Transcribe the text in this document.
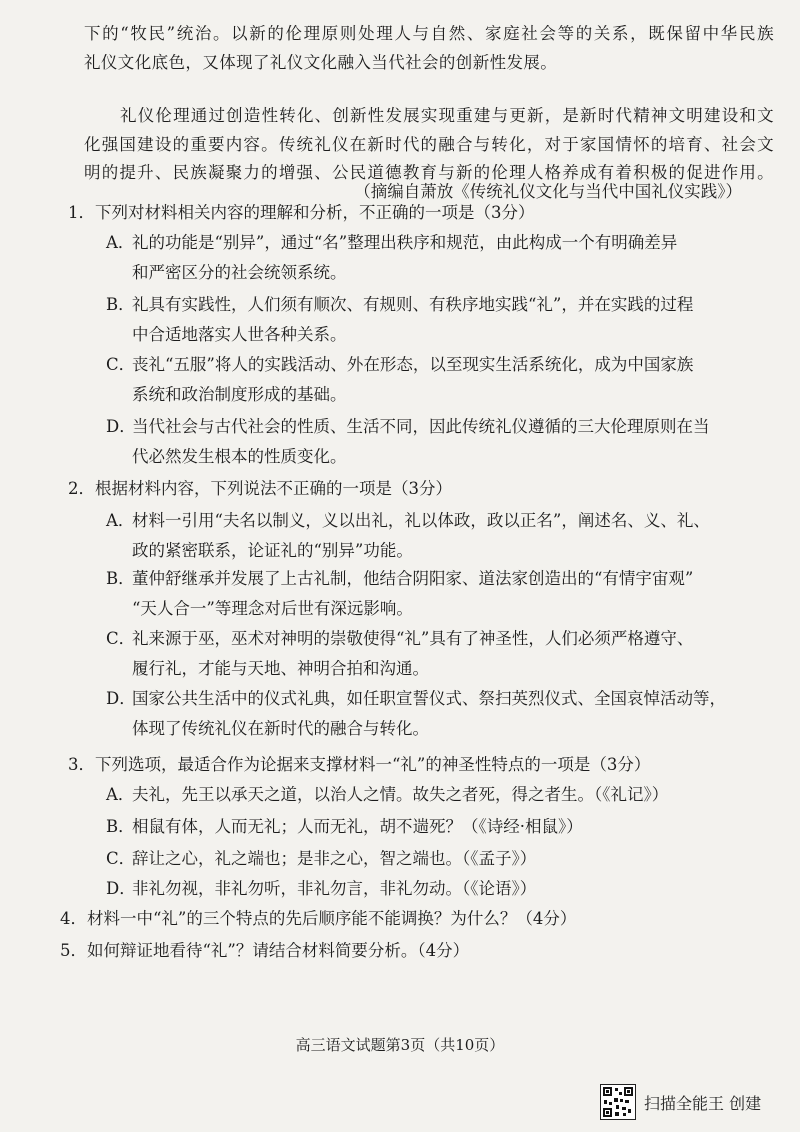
下的“牧民”统治。以新的伦理原则处理人与自然、家庭社会等的关系，既保留中华民族
礼仪文化底色，又体现了礼仪文化融入当代社会的创新性发展。
礼仪伦理通过创造性转化、创新性发展实现重建与更新，是新时代精神文明建设和文
化强国建设的重要内容。传统礼仪在新时代的融合与转化，对于家国情怀的培育、社会文
明的提升、民族凝聚力的增强、公民道德教育与新的伦理人格养成有着积极的促进作用。
（摘编自萧放《传统礼仪文化与当代中国礼仪实践》）
1．下列对材料相关内容的理解和分析，不正确的一项是（3分）
A．礼的功能是“别异”，通过“名”整理出秩序和规范，由此构成一个有明确差异
和严密区分的社会统领系统。
B．礼具有实践性，人们须有顺次、有规则、有秩序地实践“礼”，并在实践的过程
中合适地落实人世各种关系。
C．丧礼“五服”将人的实践活动、外在形态，以至现实生活系统化，成为中国家族
系统和政治制度形成的基础。
D．当代社会与古代社会的性质、生活不同，因此传统礼仪遵循的三大伦理原则在当
代必然发生根本的性质变化。
2．根据材料内容，下列说法不正确的一项是（3分）
A．材料一引用“夫名以制义，义以出礼，礼以体政，政以正名”，阐述名、义、礼、
政的紧密联系，论证礼的“别异”功能。
B．董仲舒继承并发展了上古礼制，他结合阴阳家、道法家创造出的“有情宇宙观”
“天人合一”等理念对后世有深远影响。
C．礼来源于巫，巫术对神明的崇敬使得“礼”具有了神圣性，人们必须严格遵守、
履行礼，才能与天地、神明合拍和沟通。
D．国家公共生活中的仪式礼典，如任职宣誓仪式、祭扫英烈仪式、全国哀悼活动等，
体现了传统礼仪在新时代的融合与转化。
3．下列选项，最适合作为论据来支撑材料一“礼”的神圣性特点的一项是（3分）
A．夫礼，先王以承天之道，以治人之情。故失之者死，得之者生。（《礼记》）
B．相鼠有体，人而无礼；人而无礼，胡不遄死？（《诗经·相鼠》）
C．辞让之心，礼之端也；是非之心，智之端也。（《孟子》）
D．非礼勿视，非礼勿听，非礼勿言，非礼勿动。（《论语》）
4．材料一中“礼”的三个特点的先后顺序能不能调换？为什么？（4分）
5．如何辩证地看待“礼”？请结合材料简要分析。（4分）
高三语文试题第3页（共10页）
扫描全能王 创建
